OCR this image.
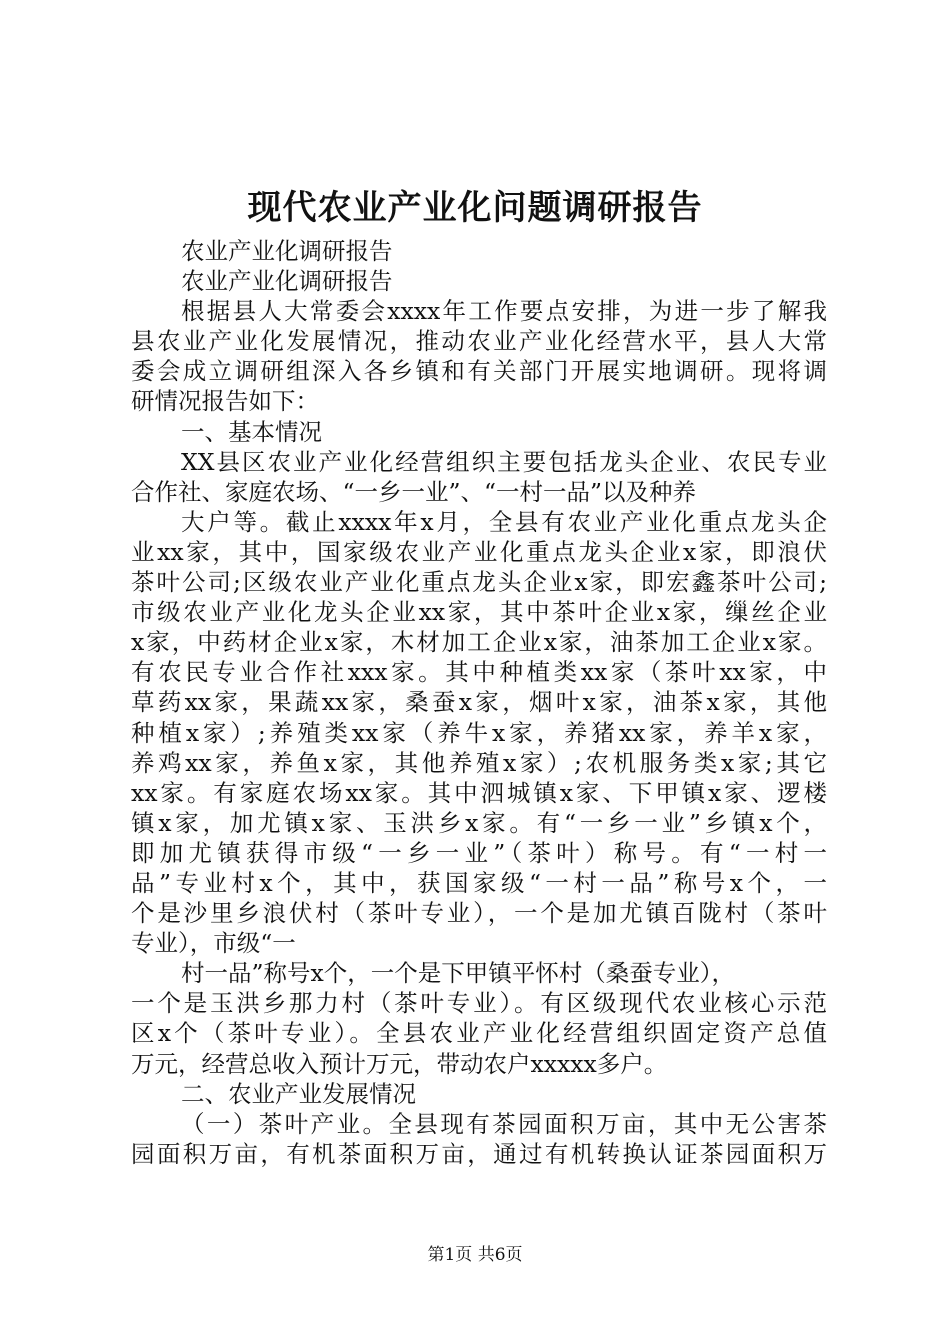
现代农业产业化问题调研报告
农业产业化调研报告
农业产业化调研报告
根据县人大常委会xxxx年工作要点安排，为进一步了解我
县农业产业化发展情况，推动农业产业化经营水平，县人大常
委会成立调研组深入各乡镇和有关部门开展实地调研。现将调
研情况报告如下：
一、基本情况
XX县区农业产业化经营组织主要包括龙头企业、农民专业
合作社、家庭农场、“一乡一业”、“一村一品”以及种养
大户等。截止xxxx年x月，全县有农业产业化重点龙头企
业xx家，其中，国家级农业产业化重点龙头企业x家，即浪伏
茶叶公司;区级农业产业化重点龙头企业x家，即宏鑫茶叶公司;
市级农业产业化龙头企业xx家，其中茶叶企业x家，缫丝企业
x家，中药材企业x家，木材加工企业x家，油茶加工企业x家。
有农民专业合作社xxx家。其中种植类xx家（茶叶xx家，中
草药xx家，果蔬xx家，桑蚕x家，烟叶x家，油茶x家，其他
种植x家）;养殖类xx家（养牛x家，养猪xx家，养羊x家，
养鸡xx家，养鱼x家，其他养殖x家）;农机服务类x家;其它
xx家。有家庭农场xx家。其中泗城镇x家、下甲镇x家、逻楼
镇x家，加尤镇x家、玉洪乡x家。有“一乡一业”乡镇x个，
即加尤镇获得市级“一乡一业”（茶叶）称号。有“一村一
品”专业村x个，其中，获国家级“一村一品”称号x个，一
个是沙里乡浪伏村（茶叶专业），一个是加尤镇百陇村（茶叶
专业），市级“一
村一品”称号x个，一个是下甲镇平怀村（桑蚕专业），
一个是玉洪乡那力村（茶叶专业）。有区级现代农业核心示范
区x个（茶叶专业）。全县农业产业化经营组织固定资产总值
万元，经营总收入预计万元，带动农户xxxxx多户。
二、农业产业发展情况
（一）茶叶产业。全县现有茶园面积万亩，其中无公害茶
园面积万亩，有机茶面积万亩，通过有机转换认证茶园面积万
第1页 共6页
